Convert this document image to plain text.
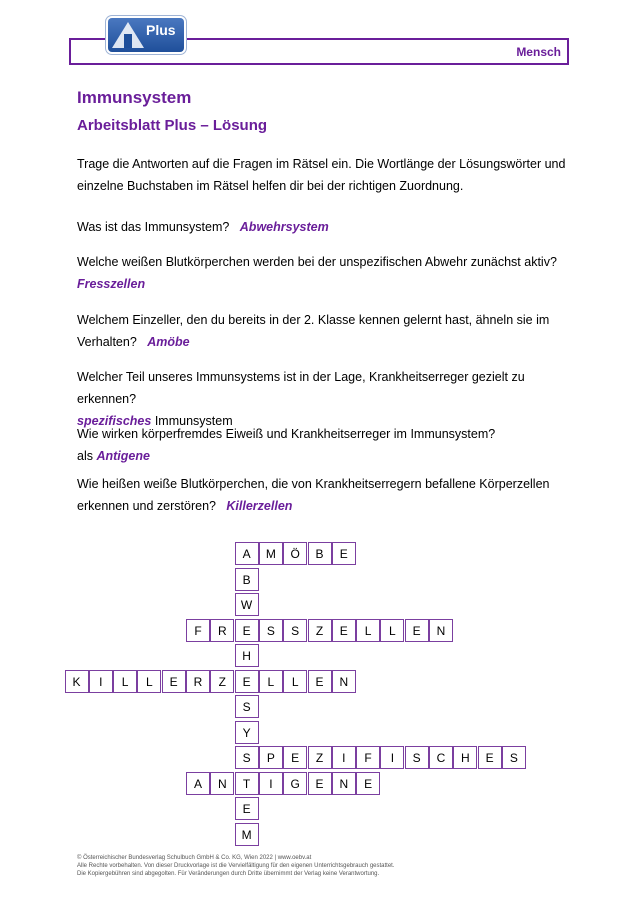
Mensch
Plus
Immunsystem
Arbeitsblatt Plus – Lösung
Trage die Antworten auf die Fragen im Rätsel ein. Die Wortlänge der Lösungswörter und
einzelne Buchstaben im Rätsel helfen dir bei der richtigen Zuordnung.
Was ist das Immunsystem? Abwehrsystem
Welche weißen Blutkörperchen werden bei der unspezifischen Abwehr zunächst aktiv?
Fresszellen
Welchem Einzeller, den du bereits in der 2. Klasse kennen gelernt hast, ähneln sie im
Verhalten? Amöbe
Welcher Teil unseres Immunsystems ist in der Lage, Krankheitserreger gezielt zu erkennen?
spezifisches Immunsystem
Wie wirken körperfremdes Eiweiß und Krankheitserreger im Immunsystem?
als Antigene
Wie heißen weiße Blutkörperchen, die von Krankheitserregern befallene Körperzellen
erkennen und zerstören? Killerzellen
A	M	Ö	B	E
F	R	E	S	S	Z	E	L	L	E	N
K	I	L	L	E	R	Z	E	L	L	E	N
S	P	E	Z	I	F	I	S	C	H	E	S
A	N	T	I	G	E	N	E
B
W
H
S
Y
E
M
© Österreichischer Bundesverlag Schulbuch GmbH & Co. KG, Wien 2022 | www.oebv.at
Alle Rechte vorbehalten. Von dieser Druckvorlage ist die Vervielfältigung für den eigenen Unterrichtsgebrauch gestattet.
Die Kopiergebühren sind abgegolten. Für Veränderungen durch Dritte übernimmt der Verlag keine Verantwortung.
